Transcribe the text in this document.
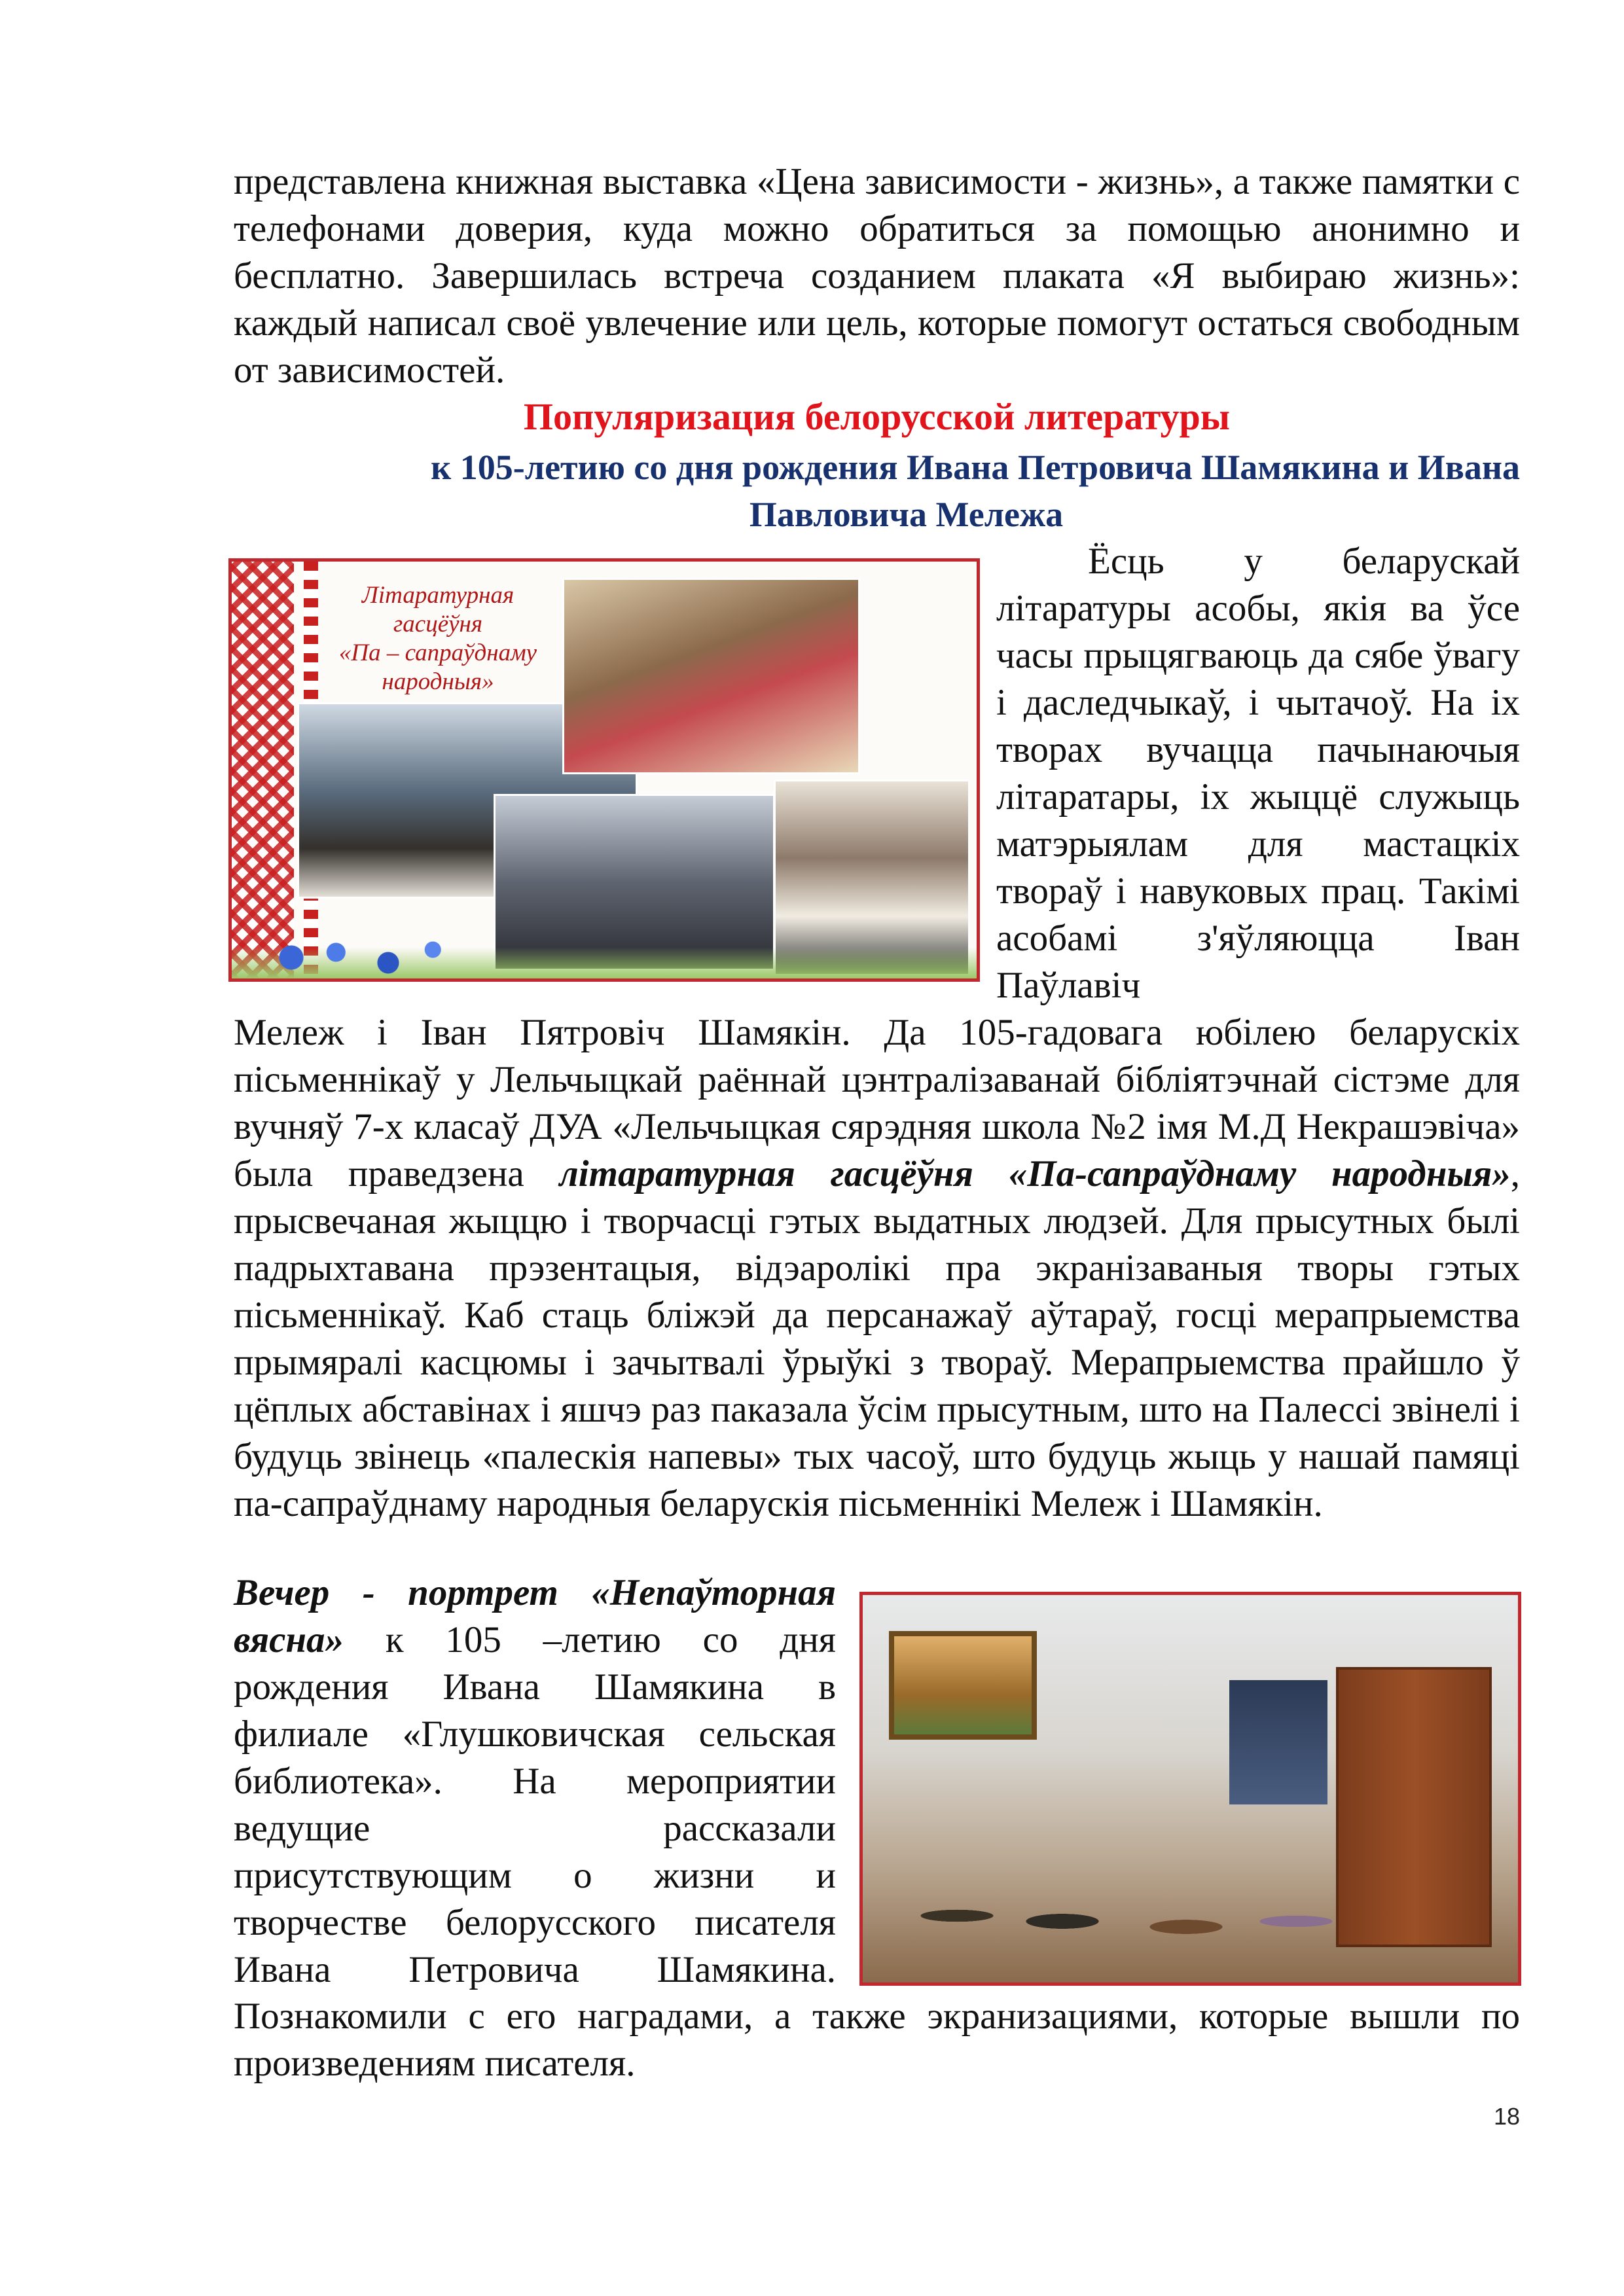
представлена книжная выставка «Цена зависимости - жизнь», а также памятки с телефонами доверия, куда можно обратиться за помощью анонимно и бесплатно. Завершилась встреча созданием плаката «Я выбираю жизнь»: каждый написал своё увлечение или цель, которые помогут остаться свободным от зависимостей.

Популяризация белорусской литературы
к 105-летию со дня рождения Ивана Петровича Шамякина и Ивана
Павловича Мележа
Літаратурная гасцёўня
«Па – сапраўднаму народныя»

Ёсць у беларускай літаратуры асобы, якія ва ўсе часы прыцягваюць да сябе ўвагу і даследчыкаў, і чытачоў. На іх творах вучацца пачынаючыя літаратары, іх жыццё служыць матэрыялам для мастацкіх твораў і навуковых прац. Такімі асобамі з'яўляюцца Іван Паўлавіч

Мележ і Іван Пятровіч Шамякін. Да 105-гадовага юбілею беларускіх пісьменнікаў у Лельчыцкай раённай цэнтралізаванай бібліятэчнай сістэме для вучняў 7-х класаў ДУА «Лельчыцкая сярэдняя школа №2 імя М.Д Некрашэвіча» была праведзена літаратурная гасцёўня «Па-сапраўднаму народныя», прысвечаная жыццю і творчасці гэтых выдатных людзей. Для прысутных былі падрыхтавана прэзентацыя, відэаролікі пра экранізаваныя творы гэтых пісьменнікаў. Каб стаць бліжэй да персанажаў аўтараў, госці мерапрыемства прымяралі касцюмы і зачытвалі ўрыўкі з твораў. Мерапрыемства прайшло ў цёплых абставінах і яшчэ раз паказала ўсім прысутным, што на Палессі звінелі і будуць звінець «палескія напевы» тых часоў, што будуць жыць у нашай памяці па-сапраўднаму народныя беларускія пісьменнікі Мележ і Шамякін.

Вечер - портрет «Непаўторная вясна» к 105 –летию со дня рождения Ивана Шамякина в филиале «Глушковичская сельская библиотека». На мероприятии ведущие рассказали присутствующим о жизни и творчестве белорусского писателя Ивана Петровича Шамякина.

Познакомили с его наградами, а также экранизациями, которые вышли по произведениям писателя.

18
